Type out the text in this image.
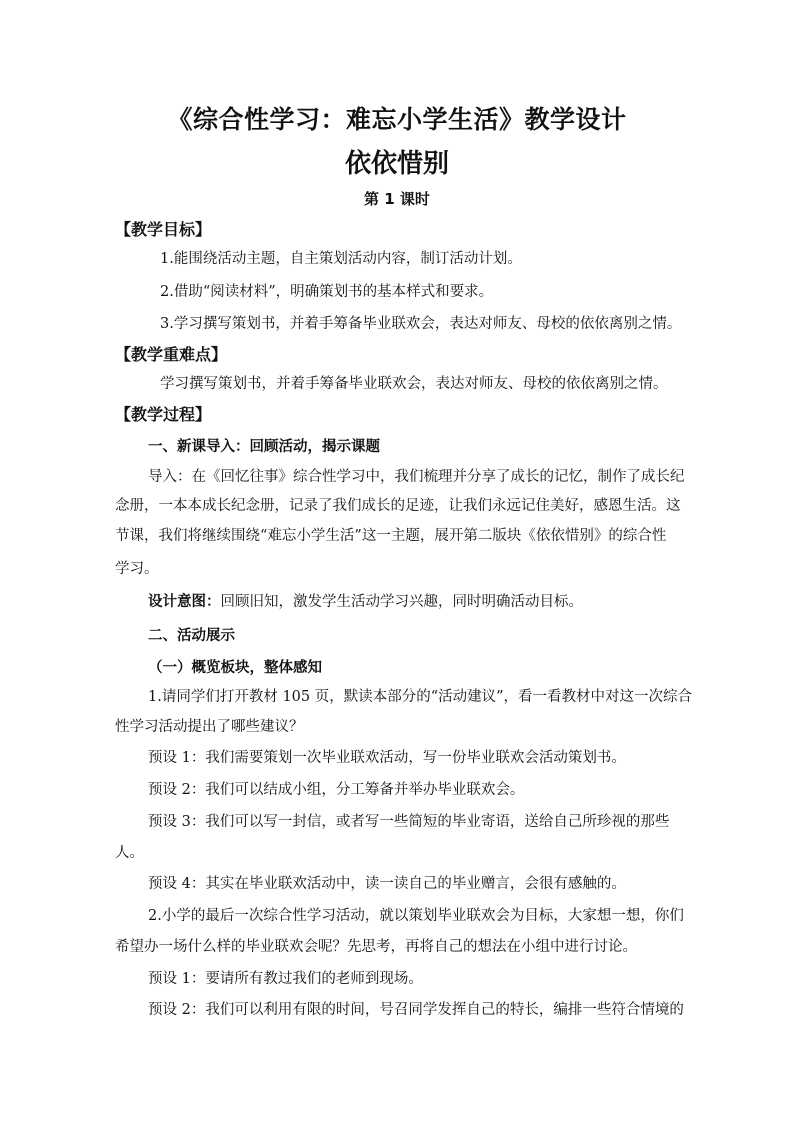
《综合性学习：难忘小学生活》教学设计
依依惜别
第 1 课时
【教学目标】
1.能围绕活动主题，自主策划活动内容，制订活动计划。
2.借助“阅读材料”，明确策划书的基本样式和要求。
3.学习撰写策划书，并着手筹备毕业联欢会，表达对师友、母校的依依离别之情。
【教学重难点】
学习撰写策划书，并着手筹备毕业联欢会，表达对师友、母校的依依离别之情。
【教学过程】
一、新课导入：回顾活动，揭示课题
导入：在《回忆往事》综合性学习中，我们梳理并分享了成长的记忆，制作了成长纪
念册，一本本成长纪念册，记录了我们成长的足迹，让我们永远记住美好，感恩生活。这
节课，我们将继续围绕“难忘小学生活”这一主题，展开第二版块《依依惜别》的综合性
学习。
设计意图：回顾旧知，激发学生活动学习兴趣，同时明确活动目标。
二、活动展示
（一）概览板块，整体感知
1.请同学们打开教材 105 页，默读本部分的“活动建议”，看一看教材中对这一次综合
性学习活动提出了哪些建议？
预设 1：我们需要策划一次毕业联欢活动，写一份毕业联欢会活动策划书。
预设 2：我们可以结成小组，分工筹备并举办毕业联欢会。
预设 3：我们可以写一封信，或者写一些简短的毕业寄语，送给自己所珍视的那些
人。
预设 4：其实在毕业联欢活动中，读一读自己的毕业赠言，会很有感触的。
2.小学的最后一次综合性学习活动，就以策划毕业联欢会为目标，大家想一想，你们
希望办一场什么样的毕业联欢会呢？先思考，再将自己的想法在小组中进行讨论。
预设 1：要请所有教过我们的老师到现场。
预设 2：我们可以利用有限的时间，号召同学发挥自己的特长，编排一些符合情境的
